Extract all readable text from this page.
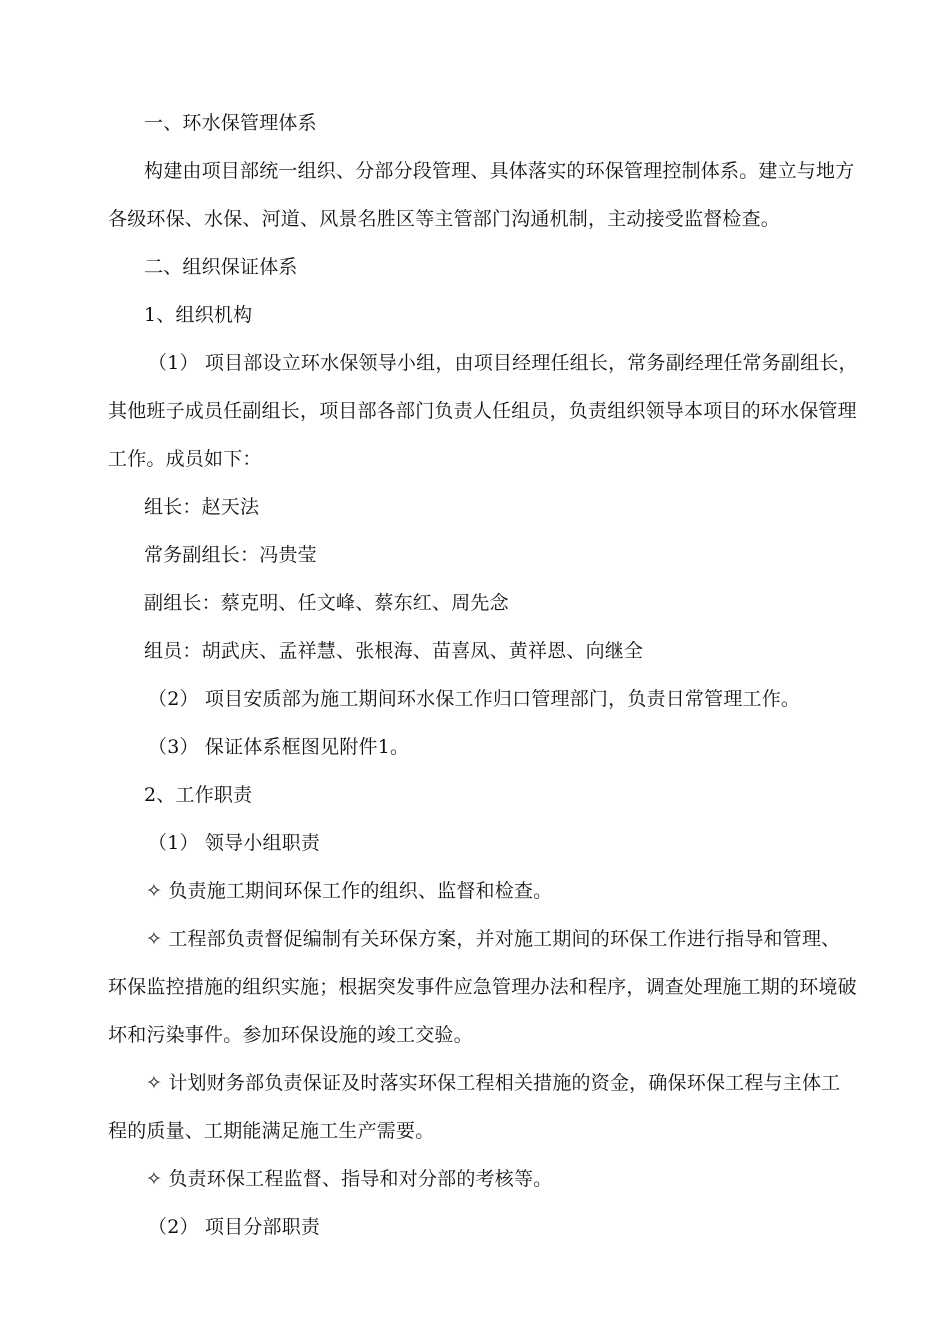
一、环水保管理体系
构建由项目部统一组织、分部分段管理、具体落实的环保管理控制体系。建立与地方
各级环保、水保、河道、风景名胜区等主管部门沟通机制，主动接受监督检查。
二、组织保证体系
1、组织机构
（1） 项目部设立环水保领导小组，由项目经理任组长，常务副经理任常务副组长，
其他班子成员任副组长，项目部各部门负责人任组员，负责组织领导本项目的环水保管理
工作。成员如下：
组长：赵天法
常务副组长：冯贵莹
副组长：蔡克明、任文峰、蔡东红、周先念
组员：胡武庆、孟祥慧、张根海、苗喜凤、黄祥恩、向继全
（2） 项目安质部为施工期间环水保工作归口管理部门，负责日常管理工作。
（3） 保证体系框图见附件1。
2、工作职责
（1） 领导小组职责
✧ 负责施工期间环保工作的组织、监督和检查。
✧ 工程部负责督促编制有关环保方案，并对施工期间的环保工作进行指导和管理、
环保监控措施的组织实施；根据突发事件应急管理办法和程序，调查处理施工期的环境破
坏和污染事件。参加环保设施的竣工交验。
✧ 计划财务部负责保证及时落实环保工程相关措施的资金，确保环保工程与主体工
程的质量、工期能满足施工生产需要。
✧ 负责环保工程监督、指导和对分部的考核等。
（2） 项目分部职责
